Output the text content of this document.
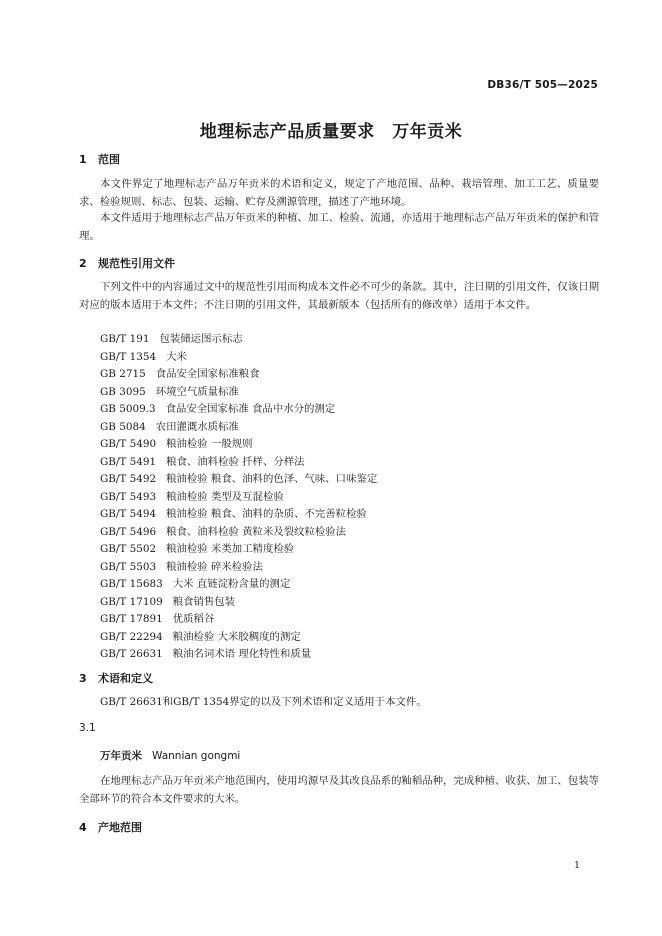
DB36/T 505—2025
地理标志产品质量要求　万年贡米
1 范围
本文件界定了地理标志产品万年贡米的术语和定义，规定了产地范围、品种、栽培管理、加工工艺、质量要求、检验规则、标志、包装、运输、贮存及溯源管理，描述了产地环境。
本文件适用于地理标志产品万年贡米的种植、加工、检验、流通，亦适用于地理标志产品万年贡米的保护和管理。
2 规范性引用文件
下列文件中的内容通过文中的规范性引用而构成本文件必不可少的条款。其中，注日期的引用文件，仅该日期对应的版本适用于本文件；不注日期的引用文件，其最新版本（包括所有的修改单）适用于本文件。
GB/T 191 包装储运图示标志
GB/T 1354 大米
GB 2715 食品安全国家标准粮食
GB 3095 环境空气质量标准
GB 5009.3 食品安全国家标准 食品中水分的测定
GB 5084 农田灌溉水质标准
GB/T 5490 粮油检验 一般规则
GB/T 5491 粮食、油料检验 扦样、分样法
GB/T 5492 粮油检验 粮食、油料的色泽、气味、口味鉴定
GB/T 5493 粮油检验 类型及互混检验
GB/T 5494 粮油检验 粮食、油料的杂质、不完善粒检验
GB/T 5496 粮食、油料检验 黄粒米及裂纹粒检验法
GB/T 5502 粮油检验 米类加工精度检验
GB/T 5503 粮油检验 碎米检验法
GB/T 15683 大米 直链淀粉含量的测定
GB/T 17109 粮食销售包装
GB/T 17891 优质稻谷
GB/T 22294 粮油检验 大米胶稠度的测定
GB/T 26631 粮油名词术语 理化特性和质量
3 术语和定义
GB/T 26631和GB/T 1354界定的以及下列术语和定义适用于本文件。
3.1
万年贡米 Wannian gongmi
在地理标志产品万年贡米产地范围内，使用坞源早及其改良品系的籼稻品种，完成种植、收获、加工、包装等全部环节的符合本文件要求的大米。
4 产地范围
1
